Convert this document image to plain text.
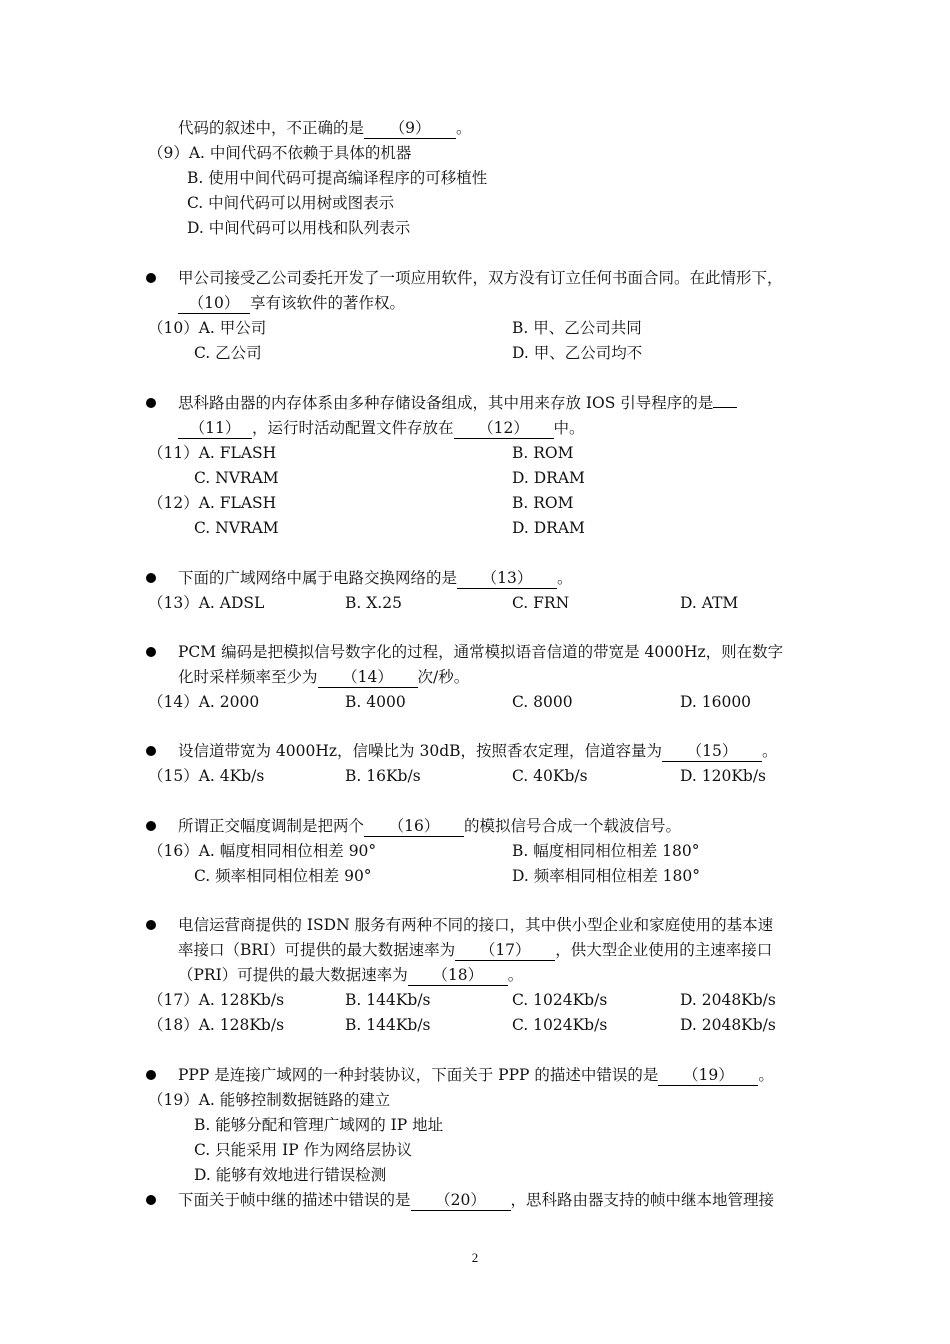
代码的叙述中，不正确的是 （9） 。
（9）A. 中间代码不依赖于具体的机器
B. 使用中间代码可提高编译程序的可移植性
C. 中间代码可以用树或图表示
D. 中间代码可以用栈和队列表示
甲公司接受乙公司委托开发了一项应用软件，双方没有订立任何书面合同。在此情形下，
（10） 享有该软件的著作权。
（10）A. 甲公司	B. 甲、乙公司共同
C. 乙公司	D. 甲、乙公司均不
思科路由器的内存体系由多种存储设备组成，其中用来存放 IOS 引导程序的是
（11） ，运行时活动配置文件存放在 （12） 中。
（11）A. FLASH	B. ROM
C. NVRAM	D. DRAM
（12）A. FLASH	B. ROM
C. NVRAM	D. DRAM
下面的广域网络中属于电路交换网络的是 （13） 。
（13）A. ADSL	B. X.25	C. FRN	D. ATM
PCM 编码是把模拟信号数字化的过程，通常模拟语音信道的带宽是 4000Hz，则在数字
化时采样频率至少为 （14） 次/秒。
（14）A. 2000	B. 4000	C. 8000	D. 16000
设信道带宽为 4000Hz，信噪比为 30dB，按照香农定理，信道容量为 （15） 。
（15）A. 4Kb/s	B. 16Kb/s	C. 40Kb/s	D. 120Kb/s
所谓正交幅度调制是把两个 （16） 的模拟信号合成一个载波信号。
（16）A. 幅度相同相位相差 90°	B. 幅度相同相位相差 180°
C. 频率相同相位相差 90°	D. 频率相同相位相差 180°
电信运营商提供的 ISDN 服务有两种不同的接口，其中供小型企业和家庭使用的基本速
率接口（BRI）可提供的最大数据速率为 （17） ，供大型企业使用的主速率接口
（PRI）可提供的最大数据速率为 （18） 。
（17）A. 128Kb/s	B. 144Kb/s	C. 1024Kb/s	D. 2048Kb/s
（18）A. 128Kb/s	B. 144Kb/s	C. 1024Kb/s	D. 2048Kb/s
PPP 是连接广域网的一种封装协议，下面关于 PPP 的描述中错误的是 （19） 。
（19）A. 能够控制数据链路的建立
B. 能够分配和管理广域网的 IP 地址
C. 只能采用 IP 作为网络层协议
D. 能够有效地进行错误检测
下面关于帧中继的描述中错误的是 （20） ，思科路由器支持的帧中继本地管理接
2
